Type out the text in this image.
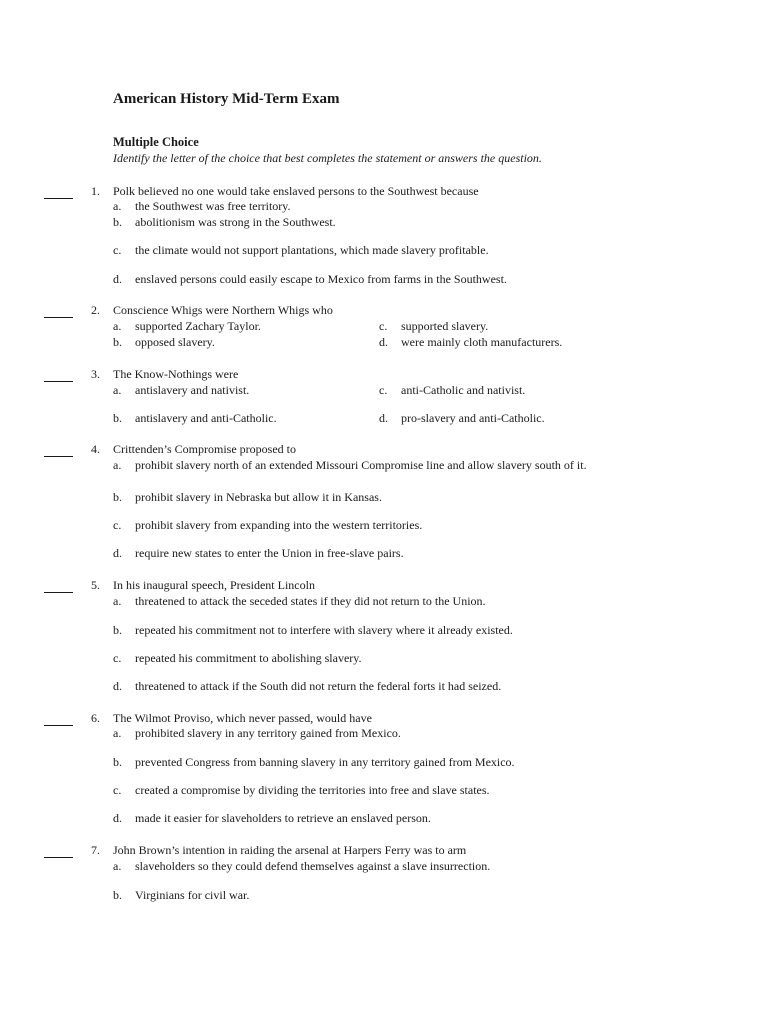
American History Mid-Term Exam
Multiple Choice
Identify the letter of the choice that best completes the statement or answers the question.
1. Polk believed no one would take enslaved persons to the Southwest because
a. the Southwest was free territory.
b. abolitionism was strong in the Southwest.
c. the climate would not support plantations, which made slavery profitable.
d. enslaved persons could easily escape to Mexico from farms in the Southwest.
2. Conscience Whigs were Northern Whigs who
a. supported Zachary Taylor.
b. opposed slavery.
c. supported slavery.
d. were mainly cloth manufacturers.
3. The Know-Nothings were
a. antislavery and nativist.
b. antislavery and anti-Catholic.
c. anti-Catholic and nativist.
d. pro-slavery and anti-Catholic.
4. Crittenden’s Compromise proposed to
a. prohibit slavery north of an extended Missouri Compromise line and allow slavery south of it.
b. prohibit slavery in Nebraska but allow it in Kansas.
c. prohibit slavery from expanding into the western territories.
d. require new states to enter the Union in free-slave pairs.
5. In his inaugural speech, President Lincoln
a. threatened to attack the seceded states if they did not return to the Union.
b. repeated his commitment not to interfere with slavery where it already existed.
c. repeated his commitment to abolishing slavery.
d. threatened to attack if the South did not return the federal forts it had seized.
6. The Wilmot Proviso, which never passed, would have
a. prohibited slavery in any territory gained from Mexico.
b. prevented Congress from banning slavery in any territory gained from Mexico.
c. created a compromise by dividing the territories into free and slave states.
d. made it easier for slaveholders to retrieve an enslaved person.
7. John Brown’s intention in raiding the arsenal at Harpers Ferry was to arm
a. slaveholders so they could defend themselves against a slave insurrection.
b. Virginians for civil war.
